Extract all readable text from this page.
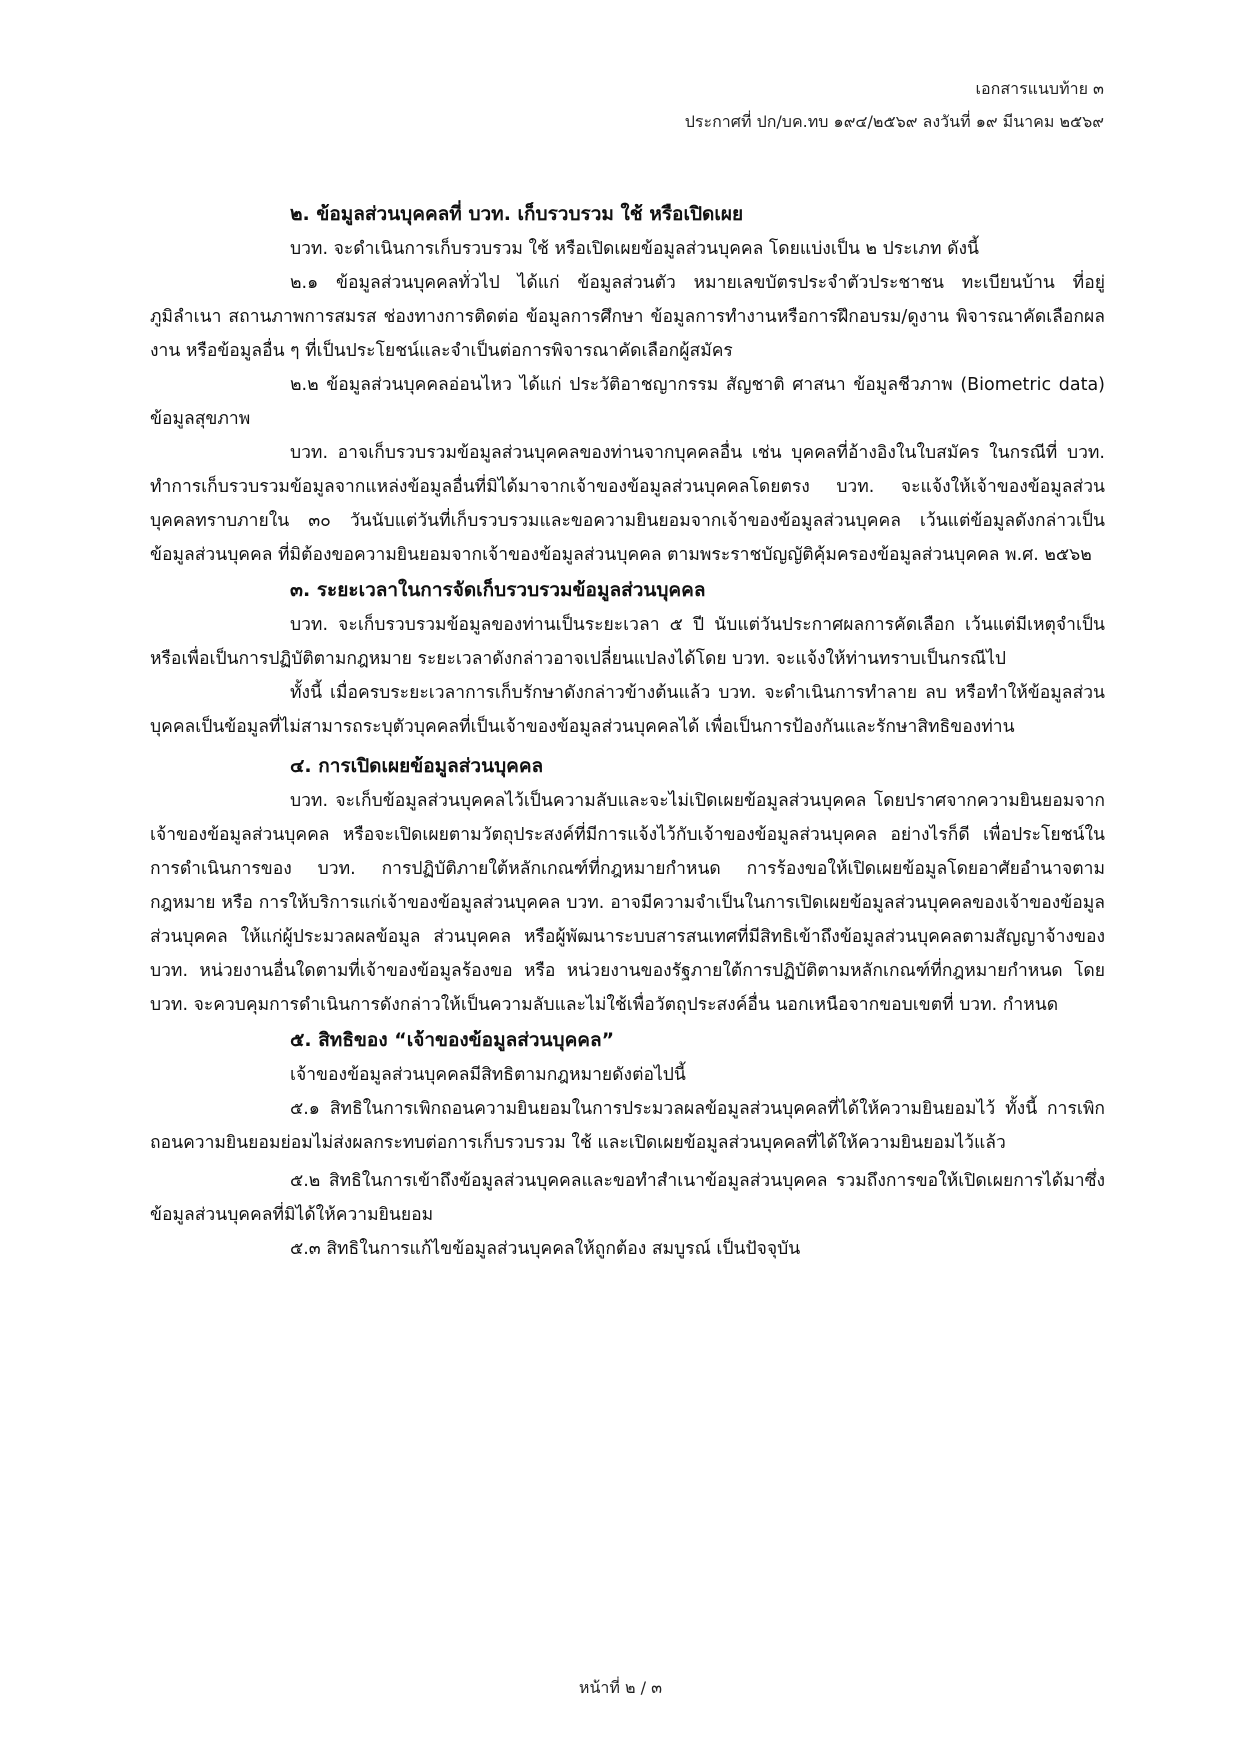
เอกสารแนบท้าย ๓
ประกาศที่ ปก/บค.ทบ ๑๙๔/๒๕๖๙ ลงวันที่ ๑๙ มีนาคม ๒๕๖๙
๒. ข้อมูลส่วนบุคคลที่ บวท. เก็บรวบรวม ใช้ หรือเปิดเผย

บวท. จะดำเนินการเก็บรวบรวม ใช้ หรือเปิดเผยข้อมูลส่วนบุคคล โดยแบ่งเป็น ๒ ประเภท ดังนี้

๒.๑ ข้อมูลส่วนบุคคลทั่วไป ได้แก่ ข้อมูลส่วนตัว หมายเลขบัตรประจำตัวประชาชน ทะเบียนบ้าน ที่อยู่ ภูมิลำเนา สถานภาพการสมรส ช่องทางการติดต่อ ข้อมูลการศึกษา ข้อมูลการทำงานหรือการฝึกอบรม/ดูงาน พิจารณาคัดเลือกผลงาน หรือข้อมูลอื่น ๆ ที่เป็นประโยชน์และจำเป็นต่อการพิจารณาคัดเลือกผู้สมัคร

๒.๒ ข้อมูลส่วนบุคคลอ่อนไหว ได้แก่ ประวัติอาชญากรรม สัญชาติ ศาสนา ข้อมูลชีวภาพ (Biometric data) ข้อมูลสุขภาพ

บวท. อาจเก็บรวบรวมข้อมูลส่วนบุคคลของท่านจากบุคคลอื่น เช่น บุคคลที่อ้างอิงในใบสมัคร ในกรณีที่ บวท. ทำการเก็บรวบรวมข้อมูลจากแหล่งข้อมูลอื่นที่มิได้มาจากเจ้าของข้อมูลส่วนบุคคลโดยตรง บวท. จะแจ้งให้เจ้าของข้อมูลส่วนบุคคลทราบภายใน ๓๐ วันนับแต่วันที่เก็บรวบรวมและขอความยินยอมจากเจ้าของข้อมูลส่วนบุคคล เว้นแต่ข้อมูลดังกล่าวเป็นข้อมูลส่วนบุคคล ที่มิต้องขอความยินยอมจากเจ้าของข้อมูลส่วนบุคคล ตามพระราชบัญญัติคุ้มครองข้อมูลส่วนบุคคล พ.ศ. ๒๕๖๒

๓. ระยะเวลาในการจัดเก็บรวบรวมข้อมูลส่วนบุคคล

บวท. จะเก็บรวบรวมข้อมูลของท่านเป็นระยะเวลา ๕ ปี นับแต่วันประกาศผลการคัดเลือก เว้นแต่มีเหตุจำเป็นหรือเพื่อเป็นการปฏิบัติตามกฎหมาย ระยะเวลาดังกล่าวอาจเปลี่ยนแปลงได้โดย บวท. จะแจ้งให้ท่านทราบเป็นกรณีไป

ทั้งนี้ เมื่อครบระยะเวลาการเก็บรักษาดังกล่าวข้างต้นแล้ว บวท. จะดำเนินการทำลาย ลบ หรือทำให้ข้อมูลส่วนบุคคลเป็นข้อมูลที่ไม่สามารถระบุตัวบุคคลที่เป็นเจ้าของข้อมูลส่วนบุคคลได้ เพื่อเป็นการป้องกันและรักษาสิทธิของท่าน

๔. การเปิดเผยข้อมูลส่วนบุคคล

บวท. จะเก็บข้อมูลส่วนบุคคลไว้เป็นความลับและจะไม่เปิดเผยข้อมูลส่วนบุคคล โดยปราศจากความยินยอมจากเจ้าของข้อมูลส่วนบุคคล หรือจะเปิดเผยตามวัตถุประสงค์ที่มีการแจ้งไว้กับเจ้าของข้อมูลส่วนบุคคล อย่างไรก็ดี เพื่อประโยชน์ในการดำเนินการของ บวท. การปฏิบัติภายใต้หลักเกณฑ์ที่กฎหมายกำหนด การร้องขอให้เปิดเผยข้อมูลโดยอาศัยอำนาจตามกฎหมาย หรือ การให้บริการแก่เจ้าของข้อมูลส่วนบุคคล บวท. อาจมีความจำเป็นในการเปิดเผยข้อมูลส่วนบุคคลของเจ้าของข้อมูลส่วนบุคคล ให้แก่ผู้ประมวลผลข้อมูล ส่วนบุคคล หรือผู้พัฒนาระบบสารสนเทศที่มีสิทธิเข้าถึงข้อมูลส่วนบุคคลตามสัญญาจ้างของ บวท. หน่วยงานอื่นใดตามที่เจ้าของข้อมูลร้องขอ หรือ หน่วยงานของรัฐภายใต้การปฏิบัติตามหลักเกณฑ์ที่กฎหมายกำหนด โดย บวท. จะควบคุมการดำเนินการดังกล่าวให้เป็นความลับและไม่ใช้เพื่อวัตถุประสงค์อื่น นอกเหนือจากขอบเขตที่ บวท. กำหนด

๕. สิทธิของ “เจ้าของข้อมูลส่วนบุคคล”

เจ้าของข้อมูลส่วนบุคคลมีสิทธิตามกฎหมายดังต่อไปนี้

๕.๑ สิทธิในการเพิกถอนความยินยอมในการประมวลผลข้อมูลส่วนบุคคลที่ได้ให้ความยินยอมไว้ ทั้งนี้ การเพิกถอนความยินยอมย่อมไม่ส่งผลกระทบต่อการเก็บรวบรวม ใช้ และเปิดเผยข้อมูลส่วนบุคคลที่ได้ให้ความยินยอมไว้แล้ว

๕.๒ สิทธิในการเข้าถึงข้อมูลส่วนบุคคลและขอทำสำเนาข้อมูลส่วนบุคคล รวมถึงการขอให้เปิดเผยการได้มาซึ่งข้อมูลส่วนบุคคลที่มิได้ให้ความยินยอม

๕.๓ สิทธิในการแก้ไขข้อมูลส่วนบุคคลให้ถูกต้อง สมบูรณ์ เป็นปัจจุบัน

หน้าที่ ๒ / ๓
